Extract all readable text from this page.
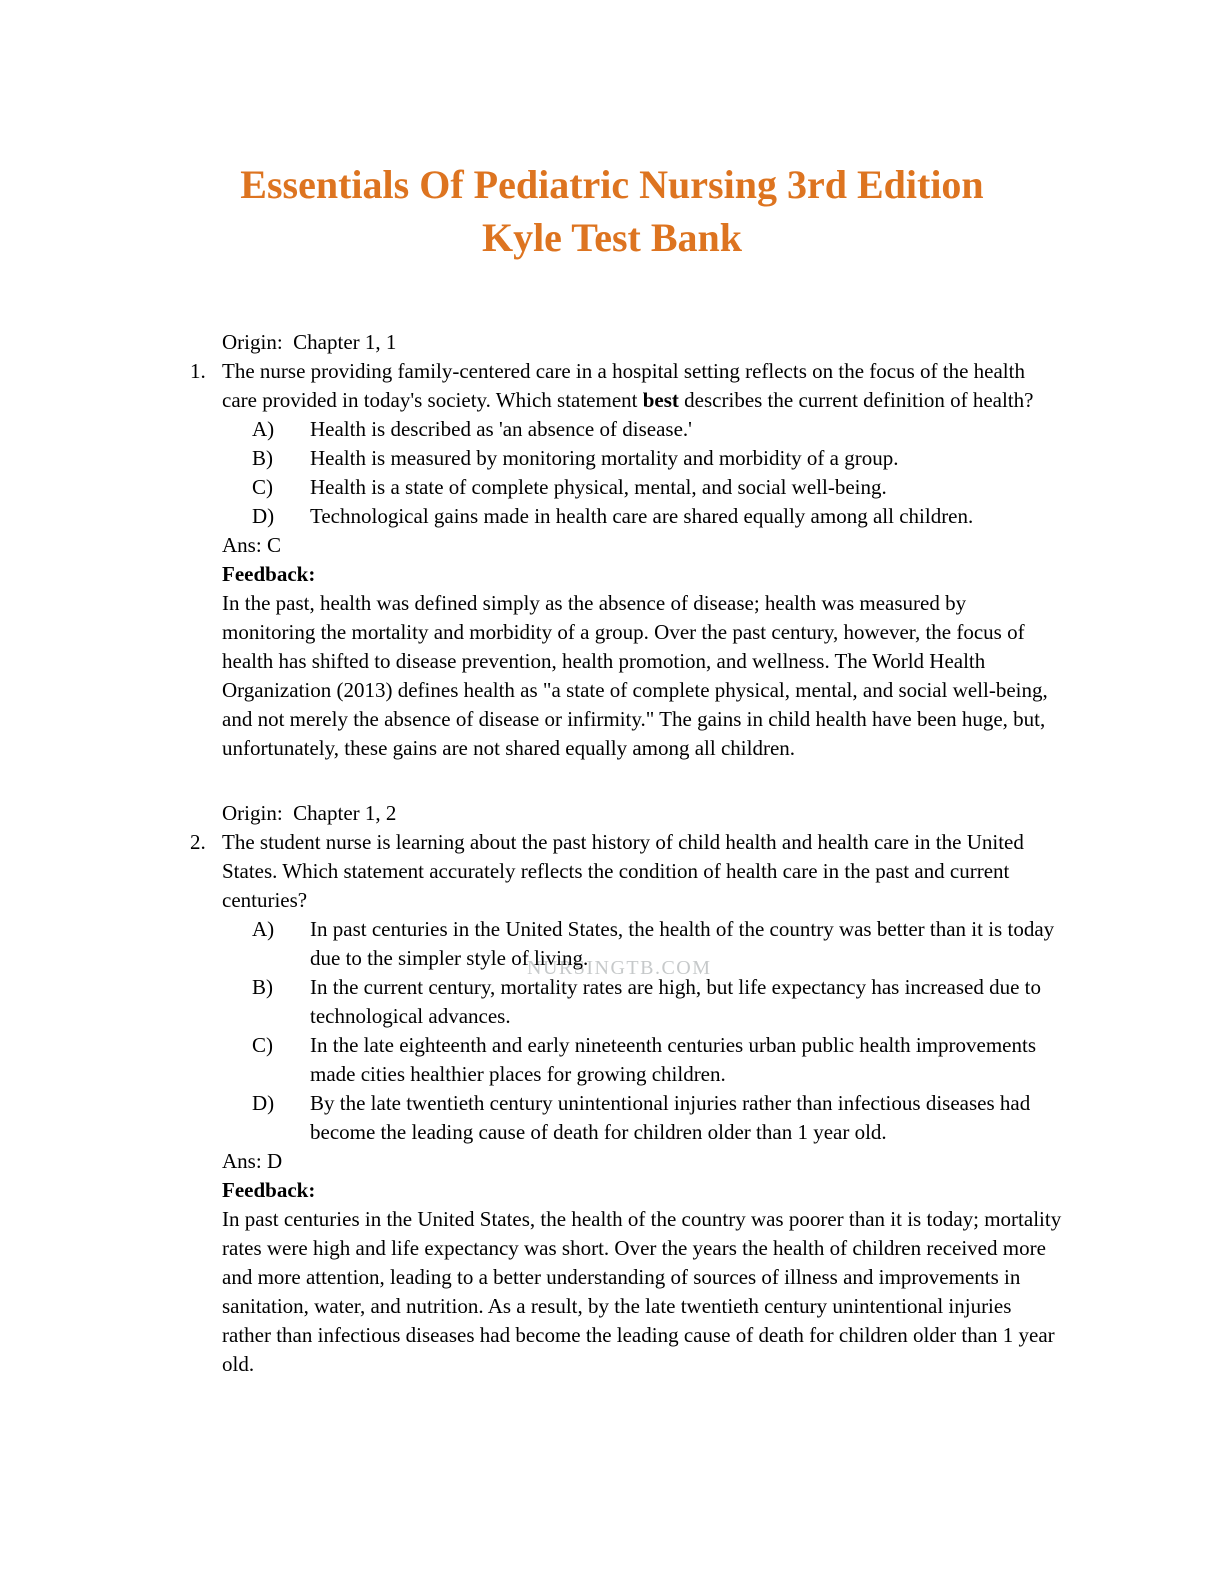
Essentials Of Pediatric Nursing 3rd Edition
Kyle Test Bank
Origin:  Chapter 1, 1
1. The nurse providing family-centered care in a hospital setting reflects on the focus of the health care provided in today's society. Which statement best describes the current definition of health?
A)	Health is described as 'an absence of disease.'
B)	Health is measured by monitoring mortality and morbidity of a group.
C)	Health is a state of complete physical, mental, and social well-being.
D)	Technological gains made in health care are shared equally among all children.
Ans: C
Feedback:
In the past, health was defined simply as the absence of disease; health was measured by monitoring the mortality and morbidity of a group. Over the past century, however, the focus of health has shifted to disease prevention, health promotion, and wellness. The World Health Organization (2013) defines health as "a state of complete physical, mental, and social well-being, and not merely the absence of disease or infirmity." The gains in child health have been huge, but, unfortunately, these gains are not shared equally among all children.
Origin:  Chapter 1, 2
2. The student nurse is learning about the past history of child health and health care in the United States. Which statement accurately reflects the condition of health care in the past and current centuries?
A)	In past centuries in the United States, the health of the country was better than it is today due to the simpler style of living.
B)	In the current century, mortality rates are high, but life expectancy has increased due to technological advances.
C)	In the late eighteenth and early nineteenth centuries urban public health improvements made cities healthier places for growing children.
D)	By the late twentieth century unintentional injuries rather than infectious diseases had become the leading cause of death for children older than 1 year old.
Ans: D
Feedback:
In past centuries in the United States, the health of the country was poorer than it is today; mortality rates were high and life expectancy was short. Over the years the health of children received more and more attention, leading to a better understanding of sources of illness and improvements in sanitation, water, and nutrition. As a result, by the late twentieth century unintentional injuries rather than infectious diseases had become the leading cause of death for children older than 1 year old.
NURSINGTB.COM
